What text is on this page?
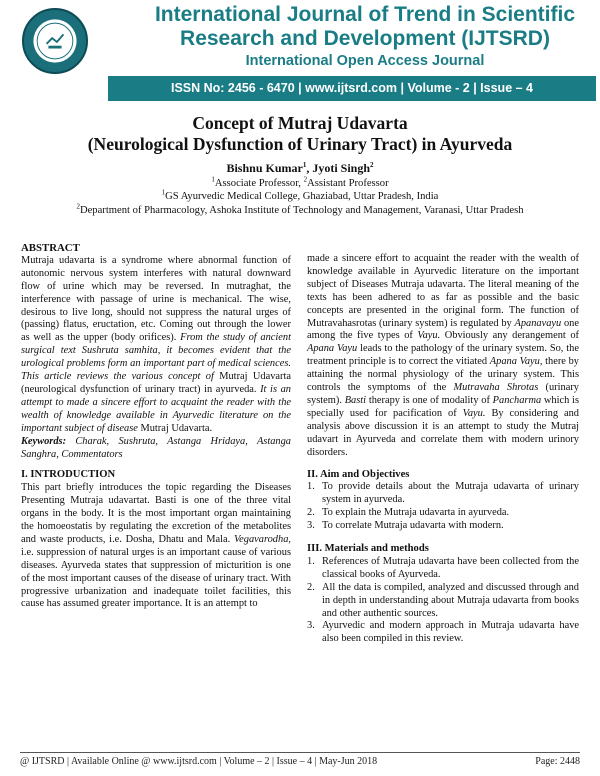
International Journal of Trend in Scientific
Research and Development (IJTSRD)
International Open Access Journal
ISSN No: 2456 - 6470 | www.ijtsrd.com | Volume - 2 | Issue – 4
Concept of Mutraj Udavarta
(Neurological Dysfunction of Urinary Tract) in Ayurveda
Bishnu Kumar$^1$, Jyoti Singh$^2$
$^1$Associate Professor, $^2$Assistant Professor
$^1$GS Ayurvedic Medical College, Ghaziabad, Uttar Pradesh, India
$^2$Department of Pharmacology, Ashoka Institute of Technology and Management, Varanasi, Uttar Pradesh
ABSTRACT

Mutraja udavarta is a syndrome where abnormal function of autonomic nervous system interferes with natural downward flow of urine which may be reversed. In mutraghat, the interference with passage of urine is mechanical. The wise, desirous to live long, should not suppress the natural urges of (passing) flatus, eructation, etc. Coming out through the lower as well as the upper (body orifices). From the study of ancient surgical text Sushruta samhita, it becomes evident that the urological problems form an important part of medical sciences. This article reviews the various concept of Mutraj Udavarta (neurological dysfunction of urinary tract) in ayurveda. It is an attempt to made a sincere effort to acquaint the reader with the wealth of knowledge available in Ayurvedic literature on the important subject of disease Mutraj Udavarta.

Keywords: Charak, Sushruta, Astanga Hridaya, Astanga Sanghra, Commentators

I. INTRODUCTION

This part briefly introduces the topic regarding the Diseases Presenting Mutraja udavartat. Basti is one of the three vital organs in the body. It is the most important organ maintaining the homoeostatis by regulating the excretion of the metabolites and waste products, i.e. Dosha, Dhatu and Mala. Vegavarodha, i.e. suppression of natural urges is an important cause of various diseases. Ayurveda states that suppression of micturition is one of the most important causes of the disease of urinary tract. With progressive urbanization and inadequate toilet facilities, this cause has assumed greater importance. It is an attempt to

made a sincere effort to acquaint the reader with the wealth of knowledge available in Ayurvedic literature on the important subject of Diseases Mutraja udavarta. The literal meaning of the texts has been adhered to as far as possible and the basic concepts are presented in the original form. The function of Mutravahasrotas (urinary system) is regulated by Apanavayu one among the five types of Vayu. Obviously any derangement of Apana Vayu leads to the pathology of the urinary system. So, the treatment principle is to correct the vitiated Apana Vayu, there by attaining the normal physiology of the urinary system. This controls the symptoms of the Mutravaha Shrotas (urinary system). Basti therapy is one of modality of Pancharma which is specially used for pacification of Vayu. By considering and analysis above discussion it is an attempt to study the Mutraj udavart in Ayurveda and correlate them with modern urinory disorders.

II. Aim and Objectives
1. To provide details about the Mutraja udavarta of urinary system in ayurveda.
2. To explain the Mutraja udavarta in ayurveda.
3. To correlate Mutraja udavarta with modern.
III. Materials and methods
1. References of Mutraja udavarta have been collected from the classical books of Ayurveda.
2. All the data is compiled, analyzed and discussed through and in depth in understanding about Mutraja udavarta from books and other authentic sources.
3. Ayurvedic and modern approach in Mutraja udavarta have also been compiled in this review.
@ IJTSRD | Available Online @ www.ijtsrd.com | Volume – 2 | Issue – 4 | May-Jun 2018	Page: 2448
